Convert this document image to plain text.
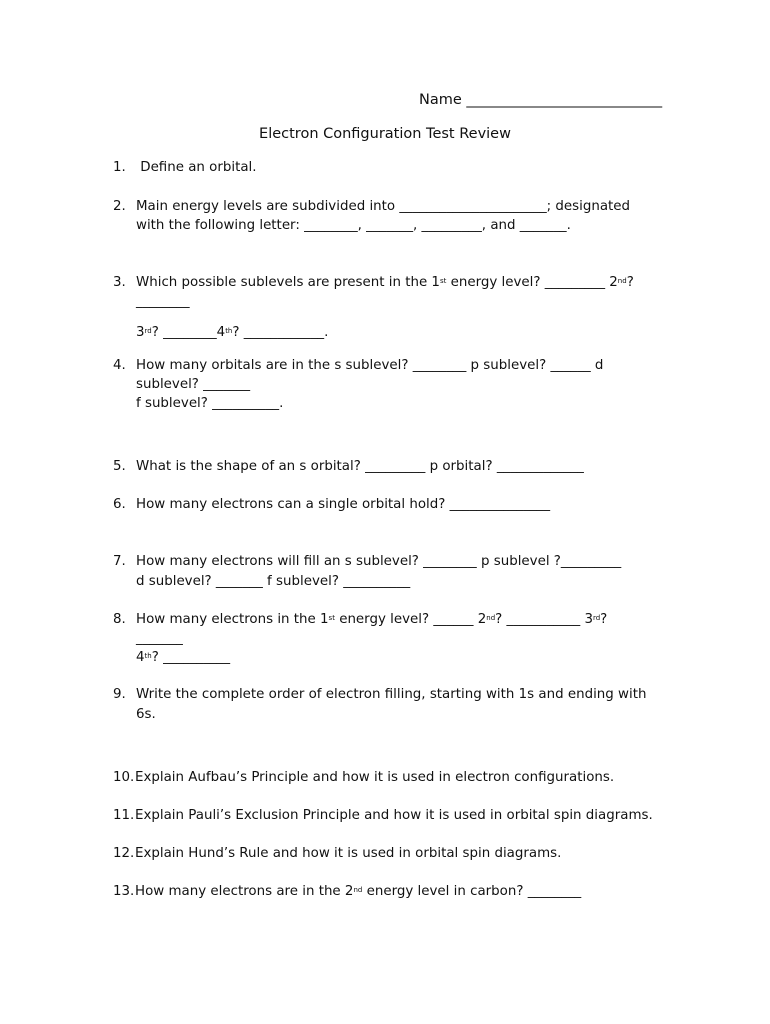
Name ___________________________
Electron Configuration Test Review
1. Define an orbital.
2. Main energy levels are subdivided into ______________________; designated
with the following letter: ________, _______, _________, and _______.
3. Which possible sublevels are present in the 1st energy level? _________ 2nd?
________
3rd? ________4th? ____________.
4. How many orbitals are in the s sublevel? ________ p sublevel? ______ d
sublevel? _______
f sublevel? __________.
5. What is the shape of an s orbital? _________ p orbital? _____________
6. How many electrons can a single orbital hold? _______________
7. How many electrons will fill an s sublevel? ________ p sublevel ?_________
d sublevel? _______ f sublevel? __________
8. How many electrons in the 1st energy level? ______ 2nd? ___________ 3rd?
_______
4th? __________
9. Write the complete order of electron filling, starting with 1s and ending with
6s.
10.Explain Aufbau’s Principle and how it is used in electron configurations.
11.Explain Pauli’s Exclusion Principle and how it is used in orbital spin diagrams.
12.Explain Hund’s Rule and how it is used in orbital spin diagrams.
13.How many electrons are in the 2nd energy level in carbon? ________
